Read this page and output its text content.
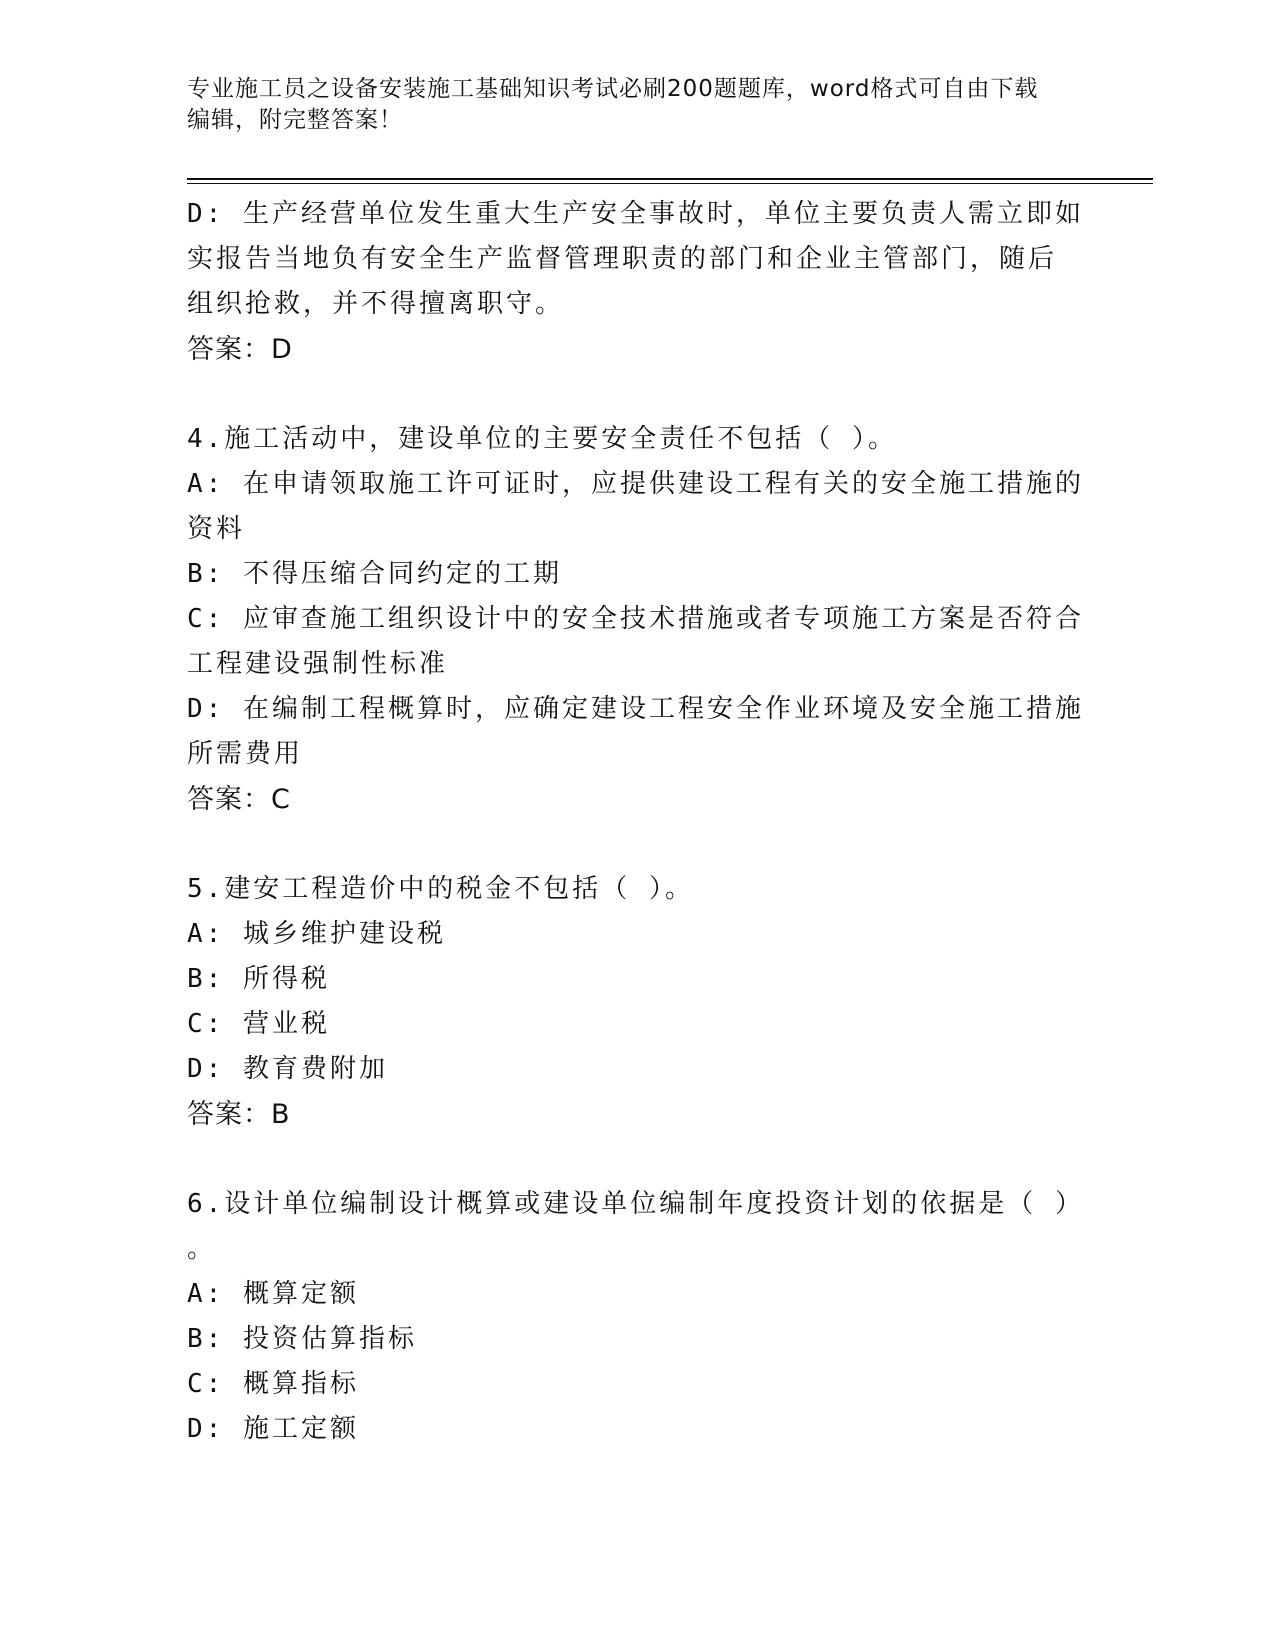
专业施工员之设备安装施工基础知识考试必刷200题题库，word格式可自由下载
编辑，附完整答案！

D: 生产经营单位发生重大生产安全事故时，单位主要负责人需立即如

实报告当地负有安全生产监督管理职责的部门和企业主管部门，随后

组织抢救，并不得擅离职守。

答案：D

4.施工活动中，建设单位的主要安全责任不包括（ ）。

A: 在申请领取施工许可证时，应提供建设工程有关的安全施工措施的

资料

B: 不得压缩合同约定的工期

C: 应审查施工组织设计中的安全技术措施或者专项施工方案是否符合

工程建设强制性标准

D: 在编制工程概算时，应确定建设工程安全作业环境及安全施工措施

所需费用

答案：C

5.建安工程造价中的税金不包括（ ）。

A: 城乡维护建设税

B: 所得税

C: 营业税

D: 教育费附加

答案：B

6.设计单位编制设计概算或建设单位编制年度投资计划的依据是（ ）

。

A: 概算定额

B: 投资估算指标

C: 概算指标

D: 施工定额
